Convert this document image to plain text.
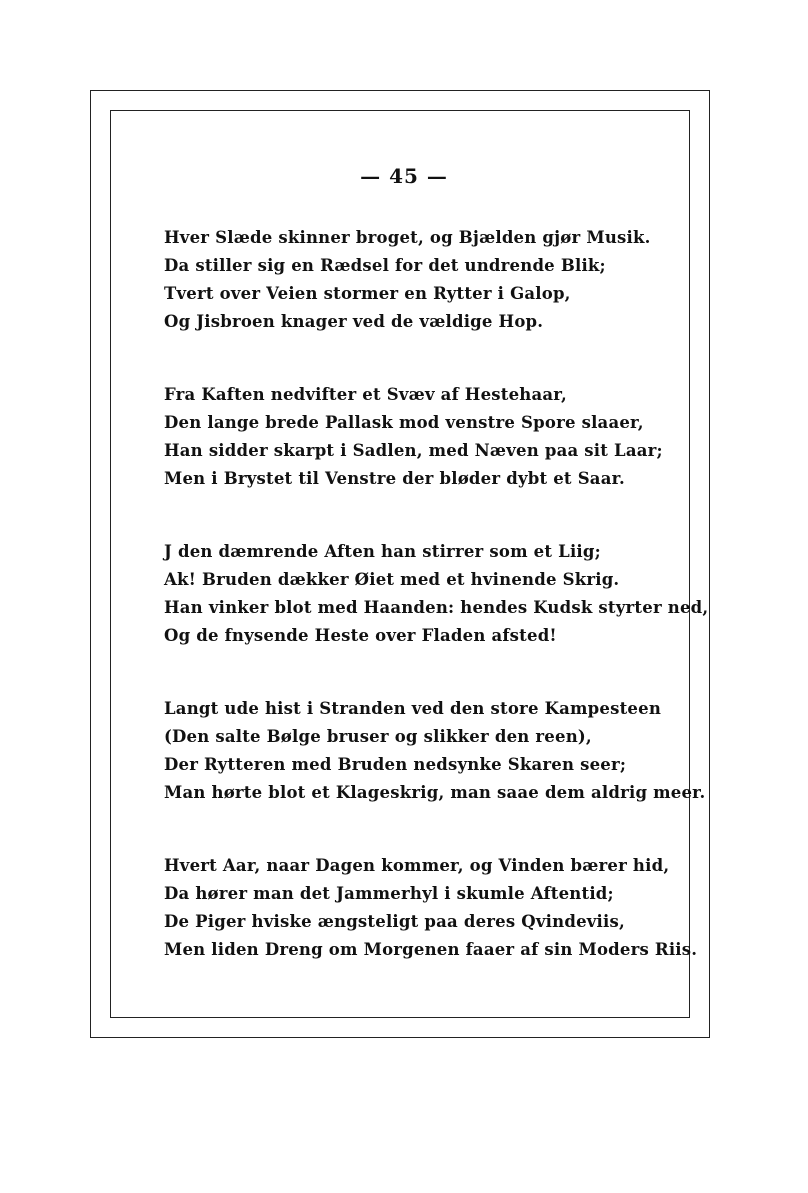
— 45 —
Hver Slæde skinner broget, og Bjælden gjør Musik.
Da stiller sig en Rædsel for det undrende Blik;
Tvert over Veien stormer en Rytter i Galop,
Og Jisbroen knager ved de vældige Hop.
Fra Kaften nedvifter et Svæv af Hestehaar,
Den lange brede Pallask mod venstre Spore slaaer,
Han sidder skarpt i Sadlen, med Næven paa sit Laar;
Men i Brystet til Venstre der bløder dybt et Saar.
J den dæmrende Aften han stirrer som et Liig;
Ak! Bruden dækker Øiet med et hvinende Skrig.
Han vinker blot med Haanden: hendes Kudsk styrter ned,
Og de fnysende Heste over Fladen afsted!
Langt ude hist i Stranden ved den store Kampesteen
(Den salte Bølge bruser og slikker den reen),
Der Rytteren med Bruden nedsynke Skaren seer;
Man hørte blot et Klageskrig, man saae dem aldrig meer.
Hvert Aar, naar Dagen kommer, og Vinden bærer hid,
Da hører man det Jammerhyl i skumle Aftentid;
De Piger hviske ængsteligt paa deres Qvindeviis,
Men liden Dreng om Morgenen faaer af sin Moders Riis.
